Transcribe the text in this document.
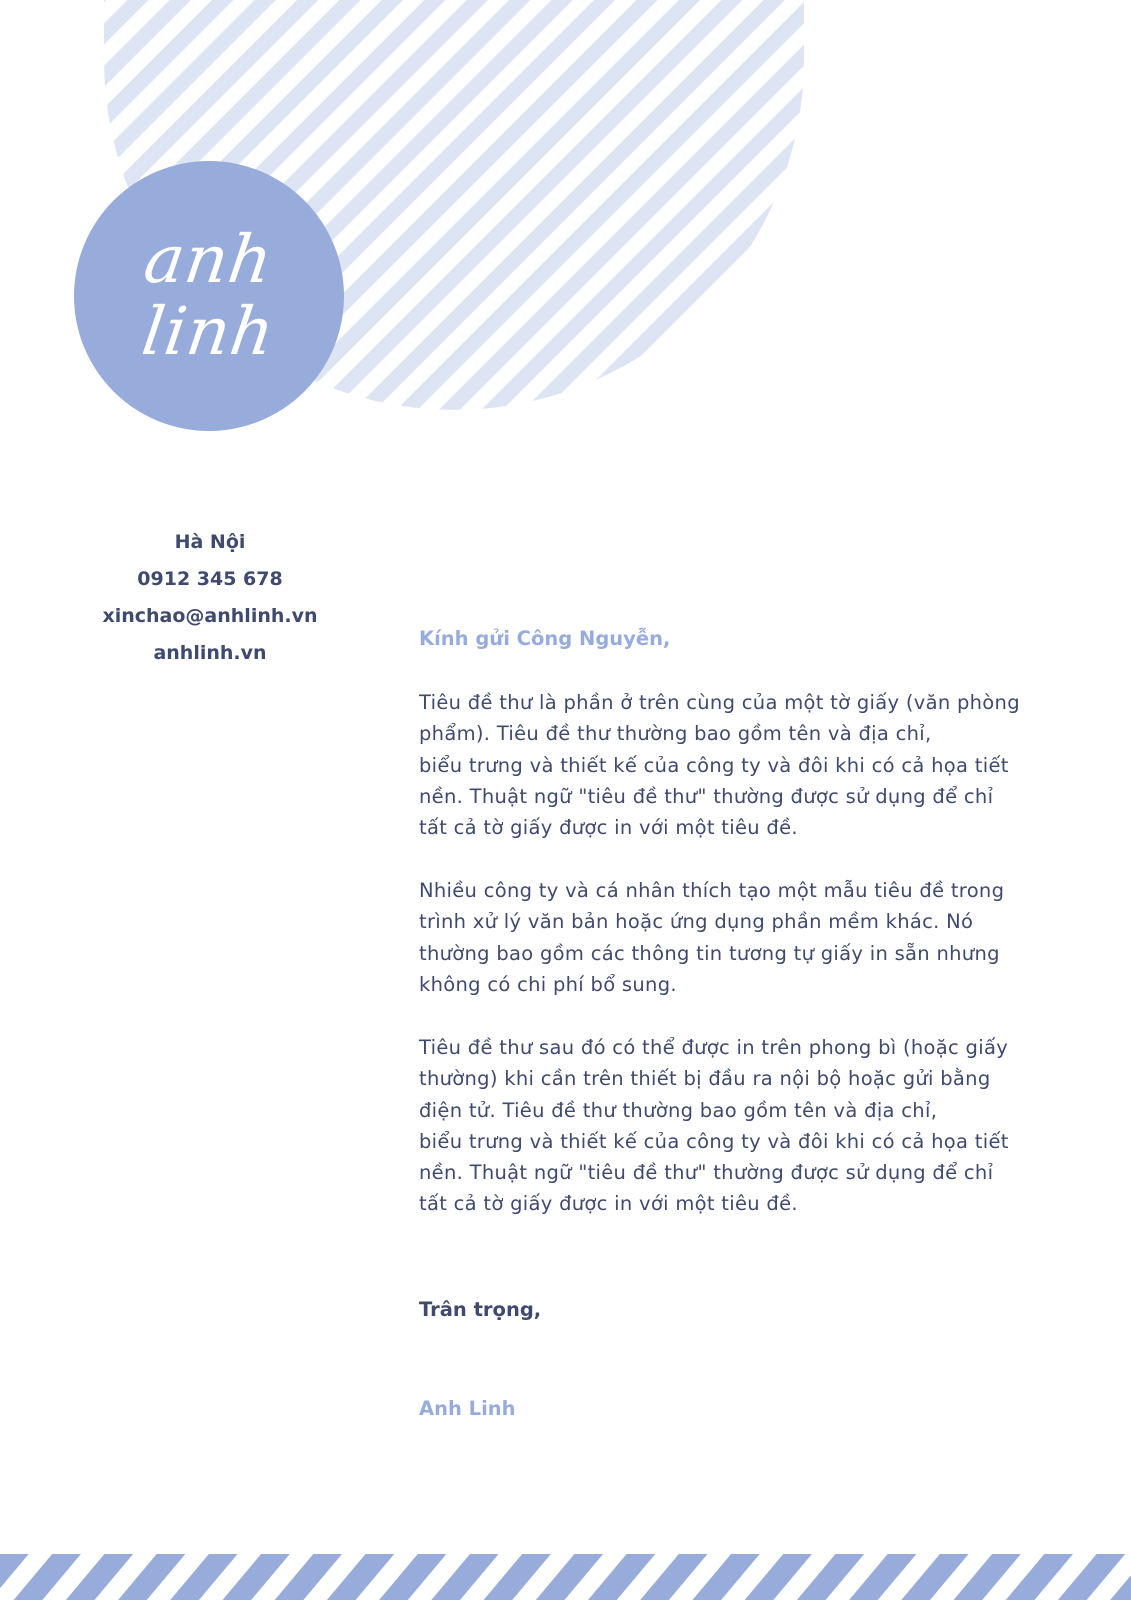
anh
linh
Hà Nội
0912 345 678
xinchao@anhlinh.vn
anhlinh.vn
Kính gửi Công Nguyễn,

Tiêu đề thư là phần ở trên cùng của một tờ giấy (văn phòng
phẩm). Tiêu đề thư thường bao gồm tên và địa chỉ,
biểu trưng và thiết kế của công ty và đôi khi có cả họa tiết
nền. Thuật ngữ "tiêu đề thư" thường được sử dụng để chỉ
tất cả tờ giấy được in với một tiêu đề.

Nhiều công ty và cá nhân thích tạo một mẫu tiêu đề trong
trình xử lý văn bản hoặc ứng dụng phần mềm khác. Nó
thường bao gồm các thông tin tương tự giấy in sẵn nhưng
không có chi phí bổ sung.

Tiêu đề thư sau đó có thể được in trên phong bì (hoặc giấy
thường) khi cần trên thiết bị đầu ra nội bộ hoặc gửi bằng
điện tử. Tiêu đề thư thường bao gồm tên và địa chỉ,
biểu trưng và thiết kế của công ty và đôi khi có cả họa tiết
nền. Thuật ngữ "tiêu đề thư" thường được sử dụng để chỉ
tất cả tờ giấy được in với một tiêu đề.

Trân trọng,
Anh Linh
